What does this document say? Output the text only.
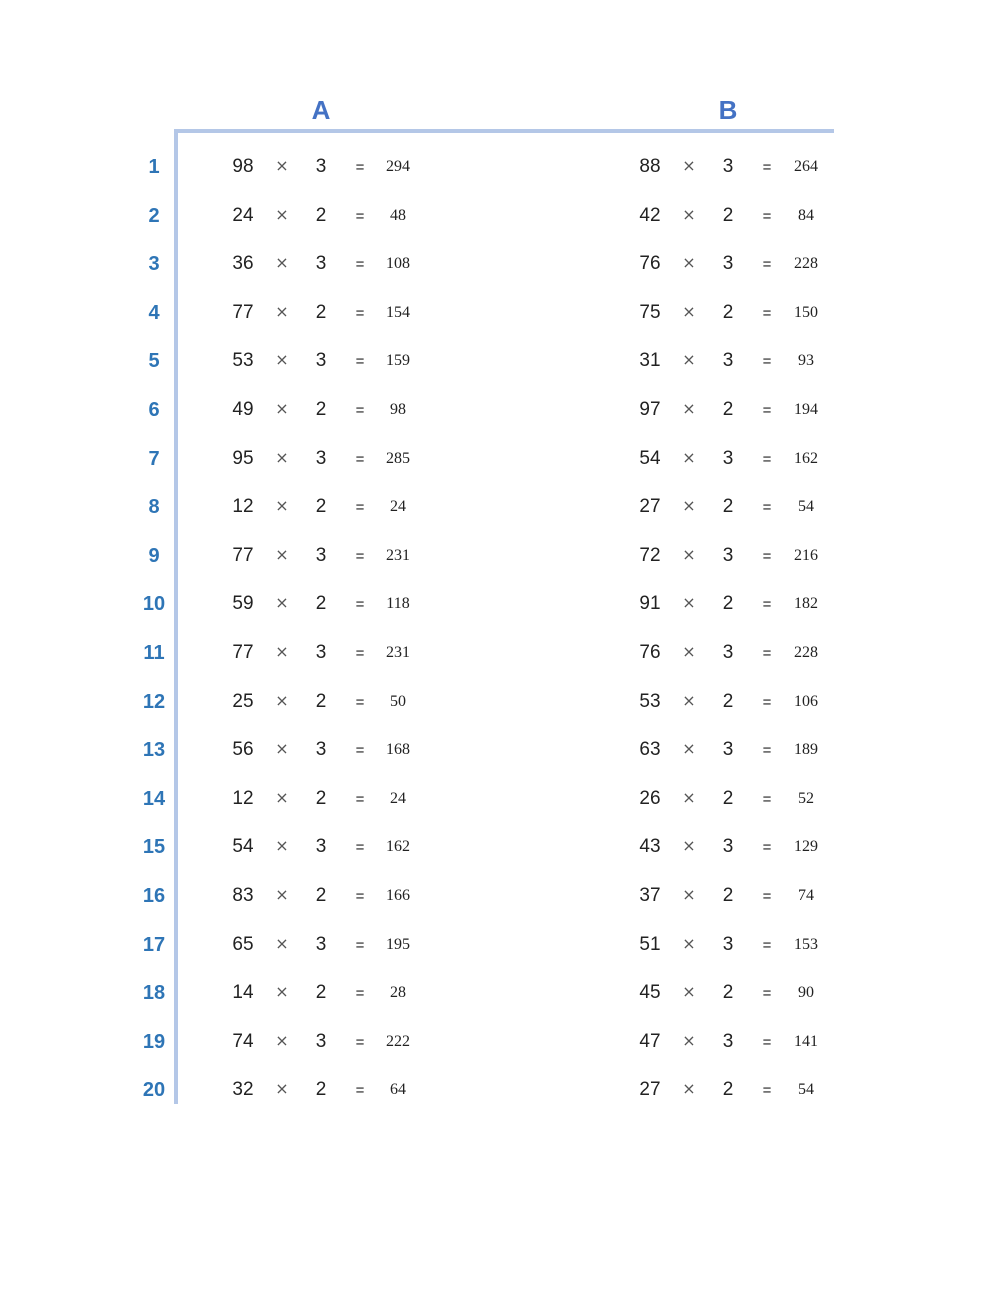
A	B
1	98	×	3	=	294	88	×	3	=	264
2	24	×	2	=	48	42	×	2	=	84
3	36	×	3	=	108	76	×	3	=	228
4	77	×	2	=	154	75	×	2	=	150
5	53	×	3	=	159	31	×	3	=	93
6	49	×	2	=	98	97	×	2	=	194
7	95	×	3	=	285	54	×	3	=	162
8	12	×	2	=	24	27	×	2	=	54
9	77	×	3	=	231	72	×	3	=	216
10	59	×	2	=	118	91	×	2	=	182
11	77	×	3	=	231	76	×	3	=	228
12	25	×	2	=	50	53	×	2	=	106
13	56	×	3	=	168	63	×	3	=	189
14	12	×	2	=	24	26	×	2	=	52
15	54	×	3	=	162	43	×	3	=	129
16	83	×	2	=	166	37	×	2	=	74
17	65	×	3	=	195	51	×	3	=	153
18	14	×	2	=	28	45	×	2	=	90
19	74	×	3	=	222	47	×	3	=	141
20	32	×	2	=	64	27	×	2	=	54
